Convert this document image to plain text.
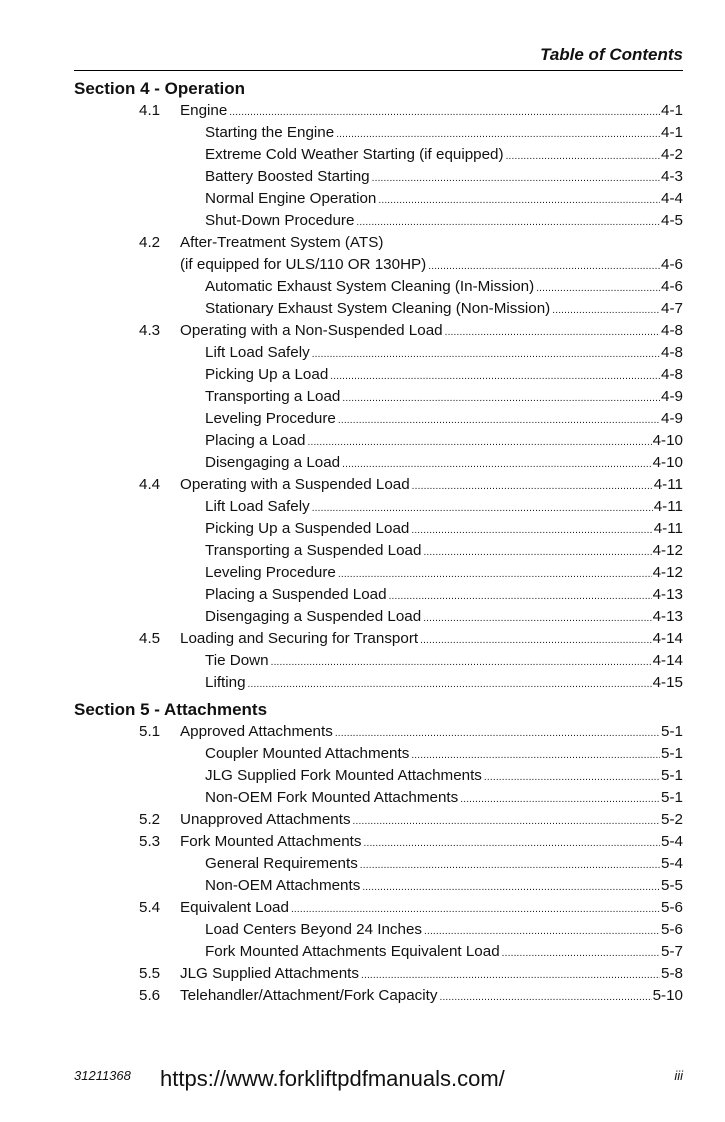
Table of Contents
Section 4 - Operation
4.1 Engine .....	4-1
Starting the Engine .....	4-1
Extreme Cold Weather Starting (if equipped) .....	4-2
Battery Boosted Starting .....	4-3
Normal Engine Operation .....	4-4
Shut-Down Procedure .....	4-5
4.2 After-Treatment System (ATS)
(if equipped for ULS/110 OR 130HP) .....	4-6
Automatic Exhaust System Cleaning (In-Mission) .....	4-6
Stationary Exhaust System Cleaning (Non-Mission) .....	4-7
4.3 Operating with a Non-Suspended Load .....	4-8
Lift Load Safely .....	4-8
Picking Up a Load .....	4-8
Transporting a Load .....	4-9
Leveling Procedure .....	4-9
Placing a Load .....	4-10
Disengaging a Load .....	4-10
4.4 Operating with a Suspended Load .....	4-11
Lift Load Safely .....	4-11
Picking Up a Suspended Load .....	4-11
Transporting a Suspended Load .....	4-12
Leveling Procedure .....	4-12
Placing a Suspended Load .....	4-13
Disengaging a Suspended Load .....	4-13
4.5 Loading and Securing for Transport .....	4-14
Tie Down .....	4-14
Lifting .....	4-15
Section 5 - Attachments
5.1 Approved Attachments .....	5-1
Coupler Mounted Attachments .....	5-1
JLG Supplied Fork Mounted Attachments .....	5-1
Non-OEM Fork Mounted Attachments .....	5-1
5.2 Unapproved Attachments .....	5-2
5.3 Fork Mounted Attachments .....	5-4
General Requirements .....	5-4
Non-OEM Attachments .....	5-5
5.4 Equivalent Load .....	5-6
Load Centers Beyond 24 Inches .....	5-6
Fork Mounted Attachments Equivalent Load .....	5-7
5.5 JLG Supplied Attachments .....	5-8
5.6 Telehandler/Attachment/Fork Capacity .....	5-10
31211368 https://www.forkliftpdfmanuals.com/	iii
